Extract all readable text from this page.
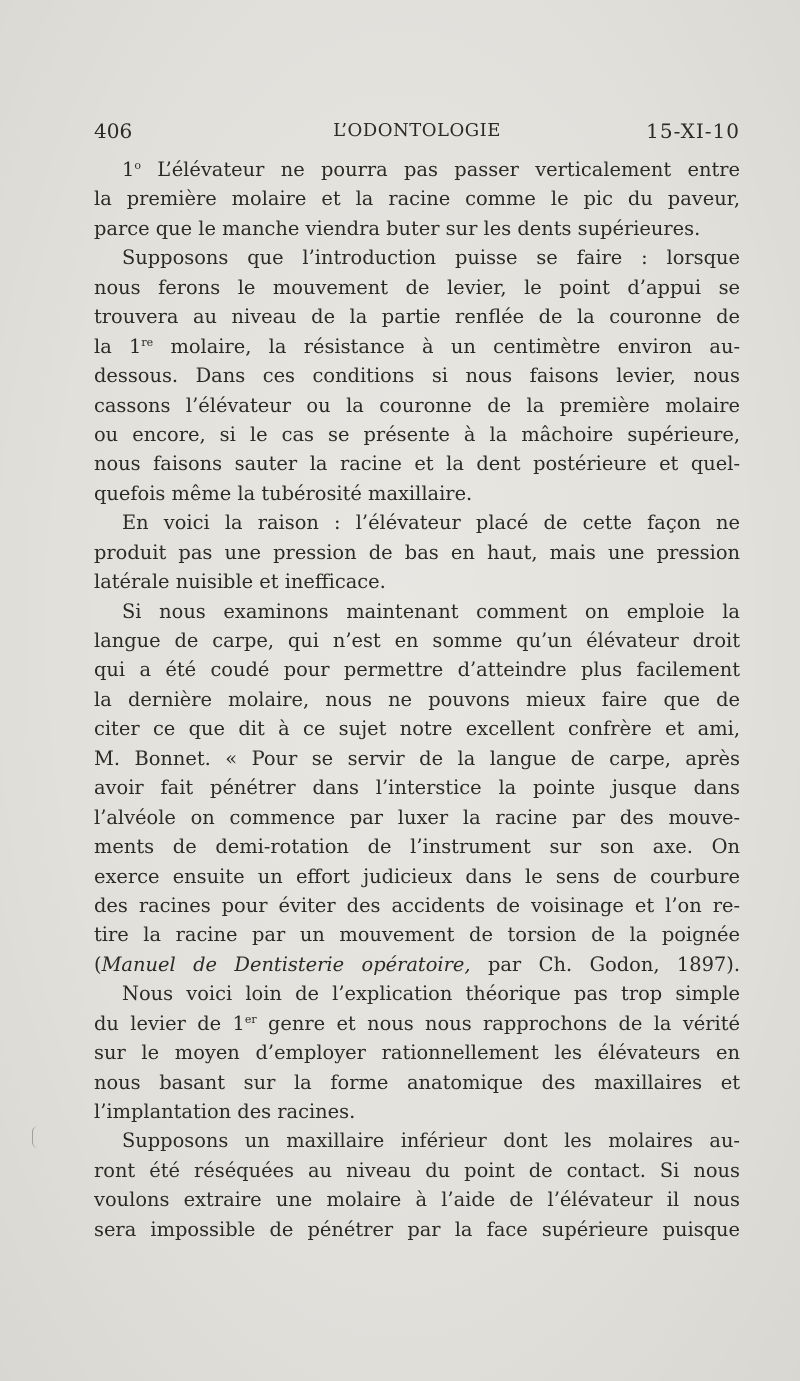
406	L’ODONTOLOGIE	15-XI-10
1$^o$ L’élévateur ne pourra pas passer verticalement entre
la première molaire et la racine comme le pic du paveur,
parce que le manche viendra buter sur les dents supérieures.
Supposons que l’introduction puisse se faire : lorsque
nous ferons le mouvement de levier, le point d’appui se
trouvera au niveau de la partie renflée de la couronne de
la 1re molaire, la résistance à un centimètre environ au-
dessous. Dans ces conditions si nous faisons levier, nous
cassons l’élévateur ou la couronne de la première molaire
ou encore, si le cas se présente à la mâchoire supérieure,
nous faisons sauter la racine et la dent postérieure et quel-
quefois même la tubérosité maxillaire.
En voici la raison : l’élévateur placé de cette façon ne
produit pas une pression de bas en haut, mais une pression
latérale nuisible et inefficace.
Si nous examinons maintenant comment on emploie la
langue de carpe, qui n’est en somme qu’un élévateur droit
qui a été coudé pour permettre d’atteindre plus facilement
la dernière molaire, nous ne pouvons mieux faire que de
citer ce que dit à ce sujet notre excellent confrère et ami,
M. Bonnet. « Pour se servir de la langue de carpe, après
avoir fait pénétrer dans l’interstice la pointe jusque dans
l’alvéole on commence par luxer la racine par des mouve-
ments de demi-rotation de l’instrument sur son axe. On
exerce ensuite un effort judicieux dans le sens de courbure
des racines pour éviter des accidents de voisinage et l’on re-
tire la racine par un mouvement de torsion de la poignée
(Manuel de Dentisterie opératoire, par Ch. Godon, 1897).
Nous voici loin de l’explication théorique pas trop simple
du levier de 1er genre et nous nous rapprochons de la vérité
sur le moyen d’employer rationnellement les élévateurs en
nous basant sur la forme anatomique des maxillaires et
l’implantation des racines.
Supposons un maxillaire inférieur dont les molaires au-
ront été réséquées au niveau du point de contact. Si nous
voulons extraire une molaire à l’aide de l’élévateur il nous
sera impossible de pénétrer par la face supérieure puisque
